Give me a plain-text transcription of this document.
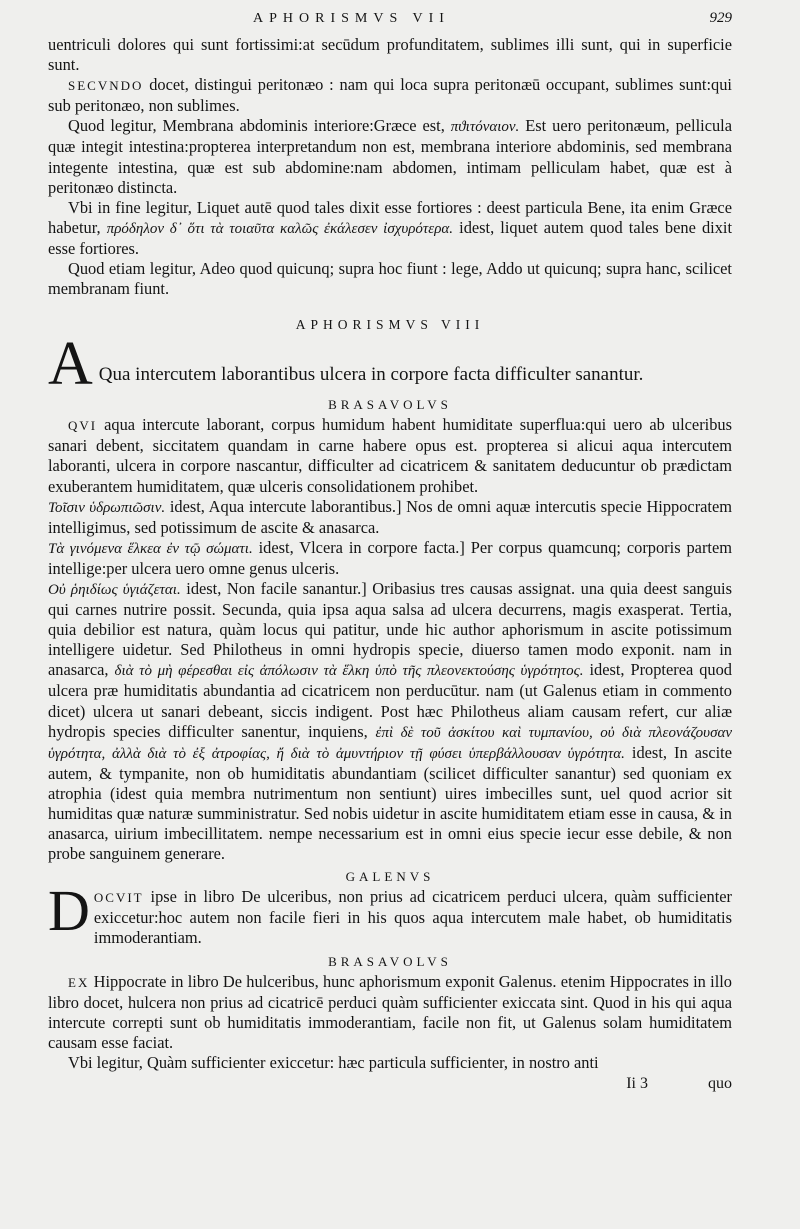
APHORISMVS VII	929

uentriculi dolores qui sunt fortissimi:at secūdum profunditatem, sublimes illi sunt, qui in superficie sunt.

SECVNDO docet, distingui peritonæo : nam qui loca supra peritonæū occupant, sublimes sunt:qui sub peritonæo, non sublimes.

Quod legitur, Membrana abdominis interiore:Græce est, πϑιτόναιον. Est uero peritonæum, pellicula quæ integit intestina:propterea interpretandum non est, membrana interiore abdominis, sed membrana integente intestina, quæ est sub abdomine:nam abdomen, intimam pelliculam habet, quæ est à peritonæo distincta.

Vbi in fine legitur, Liquet autē quod tales dixit esse fortiores : deest particula Bene, ita enim Græce habetur, πρόδηλον δ᾽ ὅτι τὰ τοιαῦτα καλῶς ἐκάλεσεν ἰσχυρότερα. idest, liquet autem quod tales bene dixit esse fortiores.

Quod etiam legitur, Adeo quod quicunq; supra hoc fiunt : lege, Addo ut quicunq; supra hanc, scilicet membranam fiunt.

APHORISMVS VIII
A Qua intercutem laborantibus ulcera in corpore facta difficulter sanantur.
BRASAVOLVS

QVI aqua intercute laborant, corpus humidum habent humiditate superflua:qui uero ab ulceribus sanari debent, siccitatem quandam in carne habere opus est. propterea si alicui aqua intercutem laboranti, ulcera in corpore nascantur, difficulter ad cicatricem & sanitatem deducuntur ob prædictam exuberantem humiditatem, quæ ulceris consolidationem prohibet.

Τοῖσιν ὑδρωπιῶσιν. idest, Aqua intercute laborantibus.] Nos de omni aquæ intercutis specie Hippocratem intelligimus, sed potissimum de ascite & anasarca.

Τὰ γινόμενα ἕλκεα ἐν τῷ σώματι. idest, Vlcera in corpore facta.] Per corpus quamcunq; corporis partem intellige:per ulcera uero omne genus ulceris.

Οὐ ῥηιδίως ὑγιάζεται. idest, Non facile sanantur.] Oribasius tres causas assignat. una quia deest sanguis qui carnes nutrire possit. Secunda, quia ipsa aqua salsa ad ulcera decurrens, magis exasperat. Tertia, quia debilior est natura, quàm locus qui patitur, unde hic author aphorismum in ascite potissimum intelligere uidetur. Sed Philotheus in omni hydropis specie, diuerso tamen modo exponit. nam in anasarca, διὰ τὸ μὴ φέρεσθαι εἰς ἀπόλωσιν τὰ ἕλκη ὑπὸ τῆς πλεονεκτούσης ὑγρότητος. idest, Propterea quod ulcera præ humiditatis abundantia ad cicatricem non perducūtur. nam (ut Galenus etiam in commento dicet) ulcera ut sanari debeant, siccis indigent. Post hæc Philotheus aliam causam refert, cur aliæ hydropis species difficulter sanentur, inquiens, ἐπὶ δὲ τοῦ ἀσκίτου καὶ τυμπανίου, οὐ διὰ πλεονάζουσαν ὑγρότητα, ἀλλὰ διὰ τὸ ἐξ ἀτροφίας, ἤ διὰ τὸ ἀμυντήριον τῇ φύσει ὑπερβάλλουσαν ὑγρότητα. idest, In ascite autem, & tympanite, non ob humiditatis abundantiam (scilicet difficulter sanantur) sed quoniam ex atrophia (idest quia membra nutrimentum non sentiunt) uires imbecilles sunt, uel quod acrior sit humiditas quæ naturæ sumministratur. Sed nobis uidetur in ascite humiditatem etiam esse in causa, & in anasarca, uirium imbecillitatem. nempe necessarium est in omni eius specie iecur esse debile, & non probe sanguinem generare.

GALENVS

DOCVIT ipse in libro De ulceribus, non prius ad cicatricem perduci ulcera, quàm sufficienter exiccetur:hoc autem non facile fieri in his quos aqua intercutem male habet, ob humiditatis immoderantiam.

BRASAVOLVS

EX Hippocrate in libro De hulceribus, hunc aphorismum exponit Galenus. etenim Hippocrates in illo libro docet, hulcera non prius ad cicatricē perduci quàm sufficienter exiccata sint. Quod in his qui aqua intercute correpti sunt ob humiditatis immoderantiam, facile non fit, ut Galenus solam humiditatem causam esse faciat.

Vbi legitur, Quàm sufficienter exiccetur: hæc particula sufficienter, in nostro anti

Ii 3	quo
